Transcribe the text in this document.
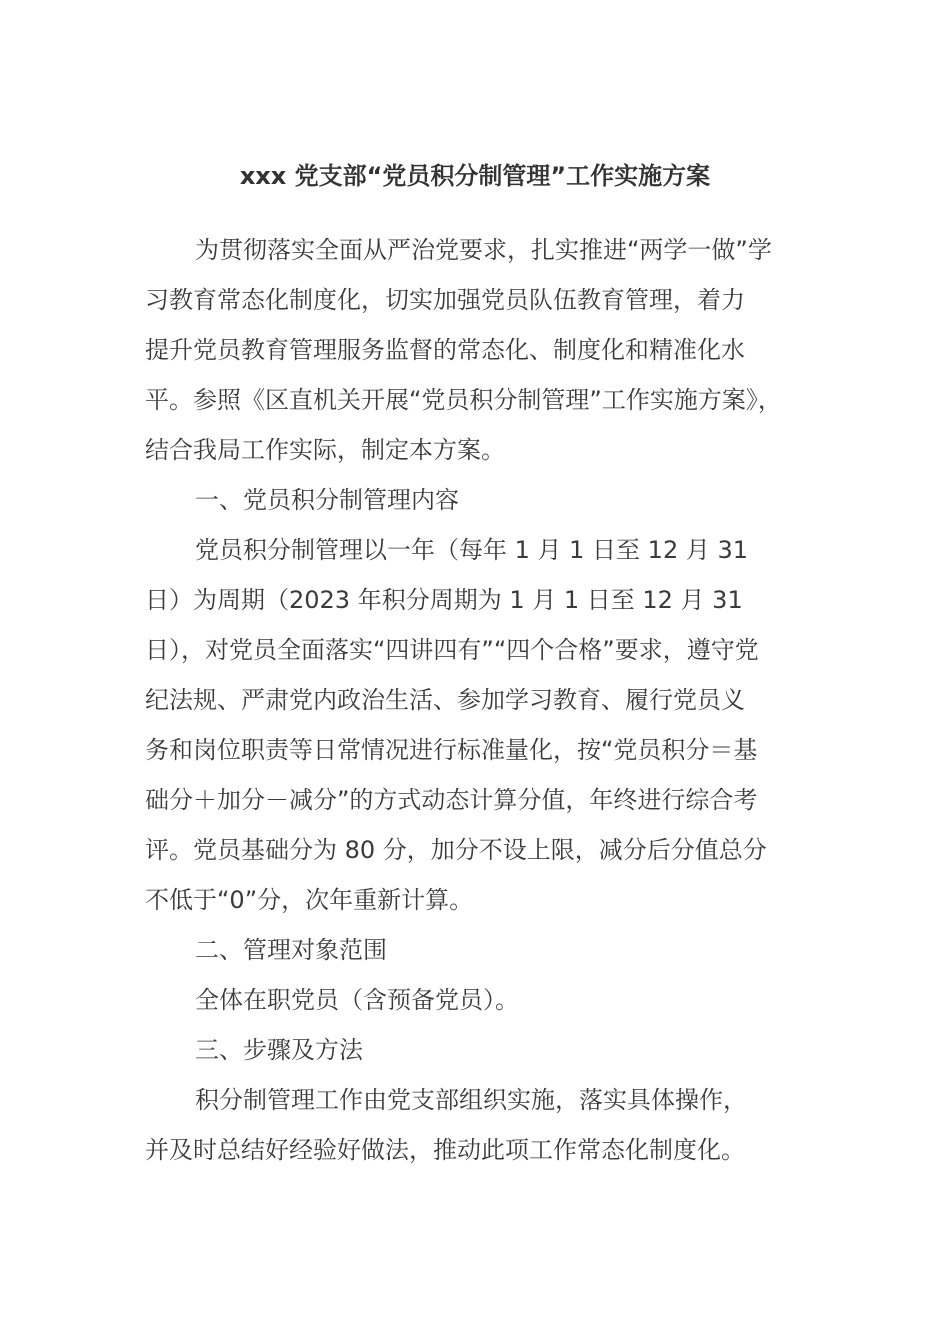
xxx 党支部“党员积分制管理”工作实施方案
为贯彻落实全面从严治党要求，扎实推进“两学一做”学
习教育常态化制度化，切实加强党员队伍教育管理，着力
提升党员教育管理服务监督的常态化、制度化和精准化水
平。参照《区直机关开展“党员积分制管理”工作实施方案》，
结合我局工作实际，制定本方案。
一、党员积分制管理内容
党员积分制管理以一年（每年 1 月 1 日至 12 月 31
日）为周期（2023 年积分周期为 1 月 1 日至 12 月 31
日），对党员全面落实“四讲四有”“四个合格”要求，遵守党
纪法规、严肃党内政治生活、参加学习教育、履行党员义
务和岗位职责等日常情况进行标准量化，按“党员积分＝基
础分＋加分－减分”的方式动态计算分值，年终进行综合考
评。党员基础分为 80 分，加分不设上限，减分后分值总分
不低于“0”分，次年重新计算。
二、管理对象范围
全体在职党员（含预备党员）。
三、步骤及方法
积分制管理工作由党支部组织实施，落实具体操作，
并及时总结好经验好做法，推动此项工作常态化制度化。
